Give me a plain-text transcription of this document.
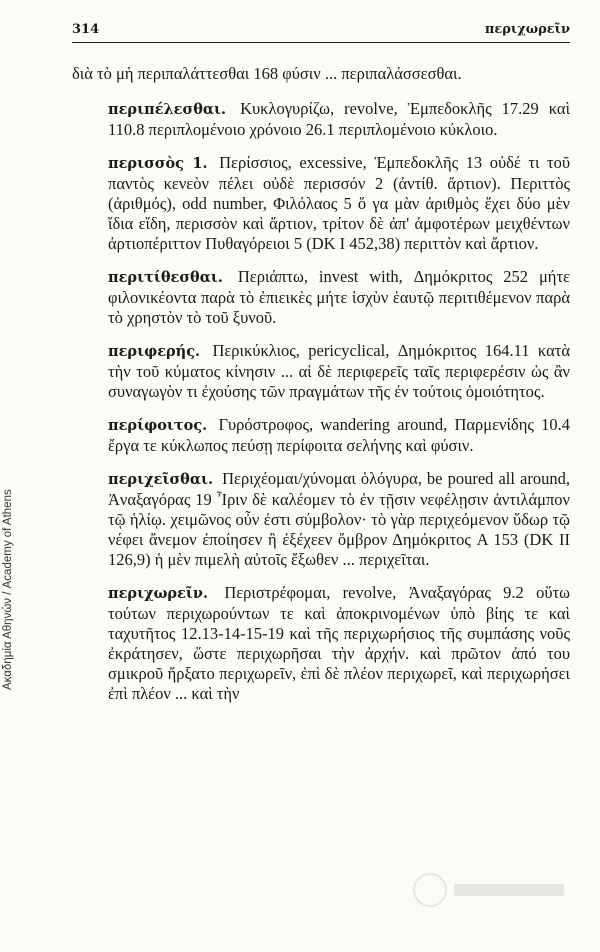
Ακαδημία Αθηνών / Academy of Athens
314	περιχωρεῖν

διὰ τὸ μὴ περιπαλάττεσθαι 168 φύσιν ... περιπαλάσσεσθαι.

περιπέλεσθαι. Κυκλογυρίζω, revolve, Ἐμπεδοκλῆς 17.29 καὶ 110.8 περιπλομένοιο χρόνοιο 26.1 περιπλομένοιο κύκλοιο.

περισσὸς 1. Περίσσιος, excessive, Ἐμπεδοκλῆς 13 οὐδέ τι τοῦ παντὸς κενεὸν πέλει οὐδὲ περισσόν 2 (ἀντίθ. ἄρτιον). Περιττὸς (ἀριθμός), odd number, Φιλόλαος 5 ὅ γα μὰν ἀριθμὸς ἔχει δύο μὲν ἴδια εἴδη, περισσὸν καὶ ἄρτιον, τρίτον δὲ ἀπ' ἀμφοτέρων μειχθέντων ἀρτιοπέριττον Πυθαγόρειοι 5 (DK I 452,38) περιττὸν καὶ ἄρτιον.

περιτίθεσθαι. Περιάπτω, invest with, Δημόκριτος 252 μήτε φιλονικέοντα παρὰ τὸ ἐπιεικὲς μήτε ἰσχὺν ἑαυτῷ περιτιθέμενον παρὰ τὸ χρηστὸν τὸ τοῦ ξυνοῦ.

περιφερής. Περικύκλιος, pericyclical, Δημόκριτος 164.11 κατὰ τὴν τοῦ κύματος κίνησιν ... αἱ δὲ περιφερεῖς ταῖς περιφερέσιν ὡς ἂν συναγωγὸν τι ἐχούσης τῶν πραγμάτων τῆς ἐν τούτοις ὁμοιότητος.

περίφοιτος. Γυρόστροφος, wandering around, Παρμενίδης 10.4 ἔργα τε κύκλωπος πεύσῃ περίφοιτα σελήνης καὶ φύσιν.

περιχεῖσθαι. Περιχέομαι/χύνομαι ὁλόγυρα, be poured all around, Ἀναξαγόρας 19 Ἶριν δὲ καλέομεν τὸ ἐν τῇσιν νεφέλῃσιν ἀντιλάμπον τῷ ἡλίῳ. χειμῶνος οὖν ἐστι σύμβολον· τὸ γὰρ περιχεόμενον ὕδωρ τῷ νέφει ἄνεμον ἐποίησεν ἢ ἐξέχεεν ὄμβρον Δημόκριτος A 153 (DK II 126,9) ἡ μὲν πιμελὴ αὐτοῖς ἔξωθεν ... περιχεῖται.

περιχωρεῖν. Περιστρέφομαι, revolve, Ἀναξαγόρας 9.2 οὕτω τούτων περιχωρούντων τε καὶ ἀποκρινομένων ὑπὸ βίης τε καὶ ταχυτῆτος 12.13-14-15-19 καὶ τῆς περιχωρήσιος τῆς συμπάσης νοῦς ἐκράτησεν, ὥστε περιχωρῆσαι τὴν ἀρχήν. καὶ πρῶτον ἀπό του σμικροῦ ἤρξατο περιχωρεῖν, ἐπὶ δὲ πλέον περιχωρεῖ, καὶ περιχωρήσει ἐπὶ πλέον ... καὶ τὴν
